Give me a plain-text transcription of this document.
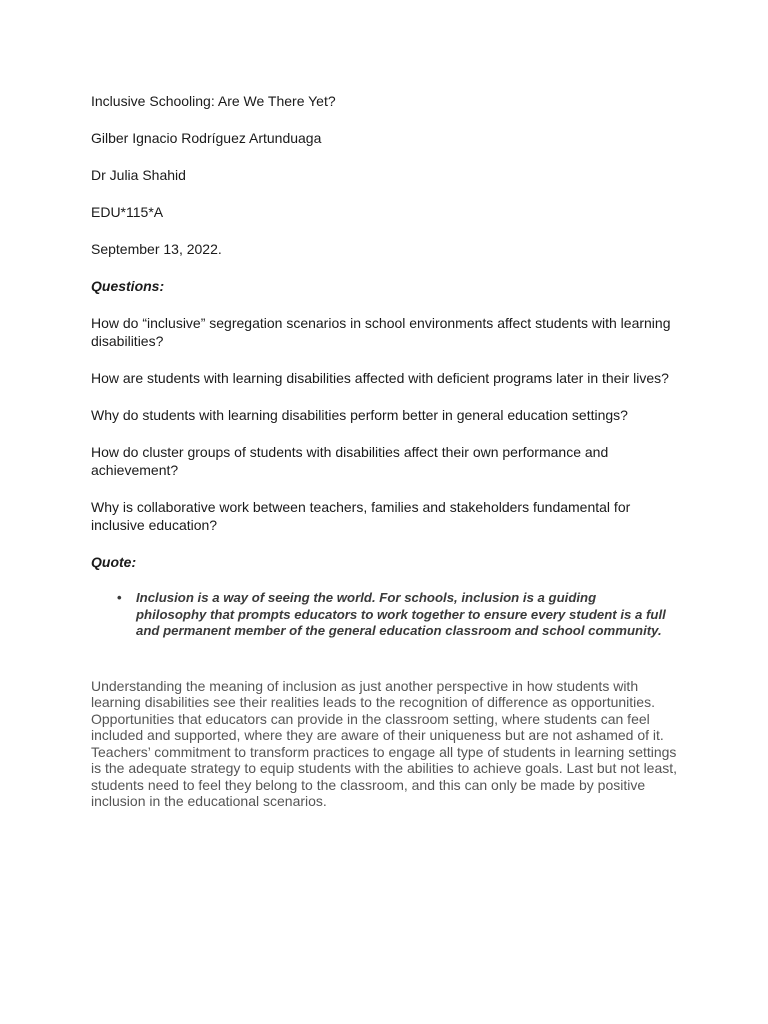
Inclusive Schooling: Are We There Yet?

Gilber Ignacio Rodríguez Artunduaga

Dr Julia Shahid

EDU*115*A

September 13, 2022.

Questions:

How do “inclusive” segregation scenarios in school environments affect students with learning disabilities?

How are students with learning disabilities affected with deficient programs later in their lives?

Why do students with learning disabilities perform better in general education settings?

How do cluster groups of students with disabilities affect their own performance and achievement?

Why is collaborative work between teachers, families and stakeholders fundamental for inclusive education?

Quote:

• Inclusion is a way of seeing the world. For schools, inclusion is a guiding philosophy that prompts educators to work together to ensure every student is a full and permanent member of the general education classroom and school community.

Understanding the meaning of inclusion as just another perspective in how students with learning disabilities see their realities leads to the recognition of difference as opportunities. Opportunities that educators can provide in the classroom setting, where students can feel included and supported, where they are aware of their uniqueness but are not ashamed of it. Teachers’ commitment to transform practices to engage all type of students in learning settings is the adequate strategy to equip students with the abilities to achieve goals. Last but not least, students need to feel they belong to the classroom, and this can only be made by positive inclusion in the educational scenarios.
